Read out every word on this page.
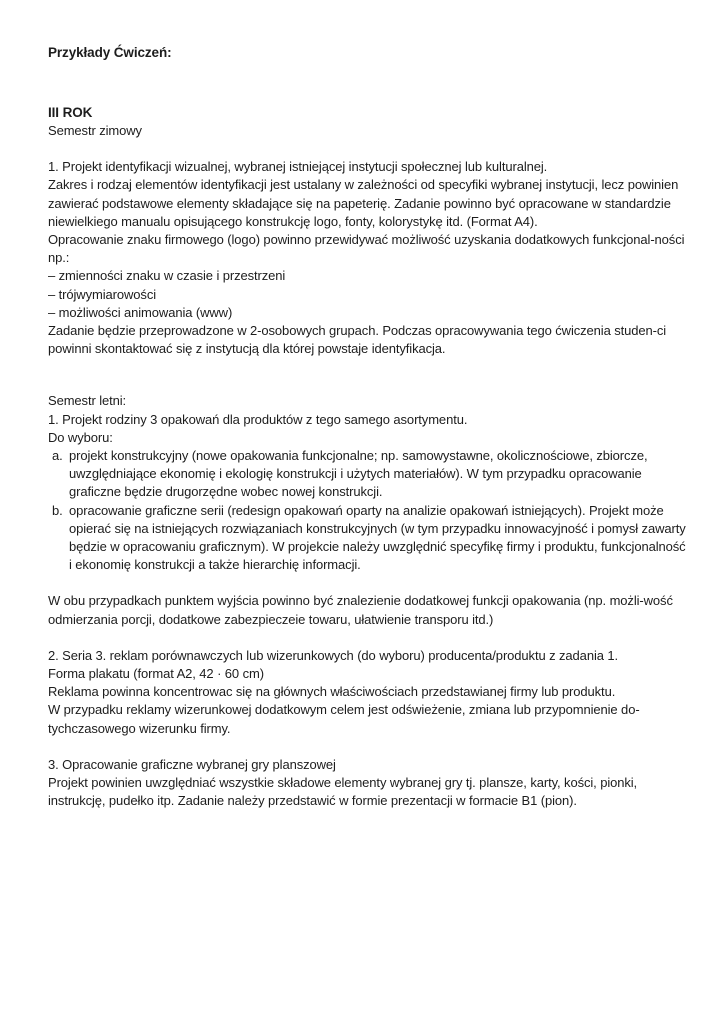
Przykłady Ćwiczeń:
III ROK

Semestr zimowy

1. Projekt identyfikacji wizualnej, wybranej istniejącej instytucji społecznej lub kulturalnej.

Zakres i rodzaj elementów identyfikacji jest ustalany w zależności od specyfiki wybranej instytucji, lecz powinien zawierać podstawowe elementy składające się na papeterię. Zadanie powinno być opracowane w standardzie niewielkiego manualu opisującego konstrukcję logo, fonty, kolorystykę itd. (Format A4).

Opracowanie znaku firmowego (logo) powinno przewidywać możliwość uzyskania dodatkowych funkcjonal-ności np.:

– zmienności znaku w czasie i przestrzeni
– trójwymiarowości
– możliwości animowania (www)

Zadanie będzie przeprowadzone w 2-osobowych grupach. Podczas opracowywania tego ćwiczenia studen-ci powinni skontaktować się z instytucją dla której powstaje identyfikacja.

Semestr letni:

1. Projekt rodziny 3 opakowań dla produktów z tego samego asortymentu.

Do wyboru:

a. projekt konstrukcyjny (nowe opakowania funkcjonalne; np. samowystawne, okolicznościowe, zbiorcze, uwzględniające ekonomię i ekologię konstrukcji i użytych materiałów). W tym przypadku opracowanie graficzne będzie drugorzędne wobec nowej konstrukcji.
b. opracowanie graficzne serii (redesign opakowań oparty na analizie opakowań istniejących). Projekt może opierać się na istniejących rozwiązaniach konstrukcyjnych (w tym przypadku innowacyjność i pomysł zawarty będzie w opracowaniu graficznym). W projekcie należy uwzględnić specyfikę firmy i produktu, funkcjonalność i ekonomię konstrukcji a także hierarchię informacji.

W obu przypadkach punktem wyjścia powinno być znalezienie dodatkowej funkcji opakowania (np. możli-wość odmierzania porcji, dodatkowe zabezpieczeie towaru, ułatwienie transporu itd.)

2. Seria 3. reklam porównawczych lub wizerunkowych (do wyboru) producenta/produktu z zadania 1.

Forma plakatu (format A2, 42 · 60 cm)

Reklama powinna koncentrowac się na głównych właściwościach przedstawianej firmy lub produktu.

W przypadku reklamy wizerunkowej dodatkowym celem jest odświeżenie, zmiana lub przypomnienie do-tychczasowego wizerunku firmy.

3. Opracowanie graficzne wybranej gry planszowej

Projekt powinien uwzględniać wszystkie składowe elementy wybranej gry tj. plansze, karty, kości, pionki, instrukcję, pudełko itp. Zadanie należy przedstawić w formie prezentacji w formacie B1 (pion).
